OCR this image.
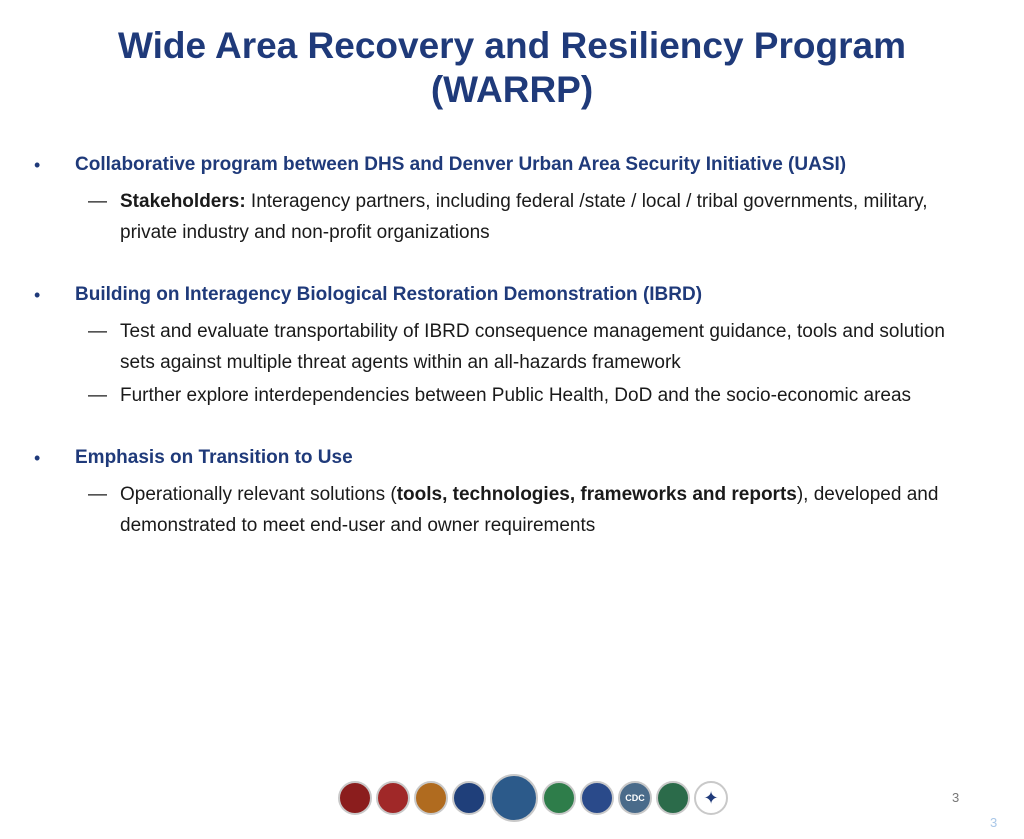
Wide Area Recovery and Resiliency Program
(WARRP)
• Collaborative program between DHS and Denver Urban Area Security Initiative (UASI)
— Stakeholders: Interagency partners, including federal /state / local / tribal governments, military, private industry and non-profit organizations
• Building on Interagency Biological Restoration Demonstration (IBRD)
— Test and evaluate transportability of IBRD consequence management guidance, tools and solution sets against multiple threat agents within an all-hazards framework
— Further explore interdependencies between Public Health, DoD and the socio-economic areas
• Emphasis on Transition to Use
— Operationally relevant solutions (tools, technologies, frameworks and reports), developed and demonstrated to meet end-user and owner requirements
CDC	✦	3
3
